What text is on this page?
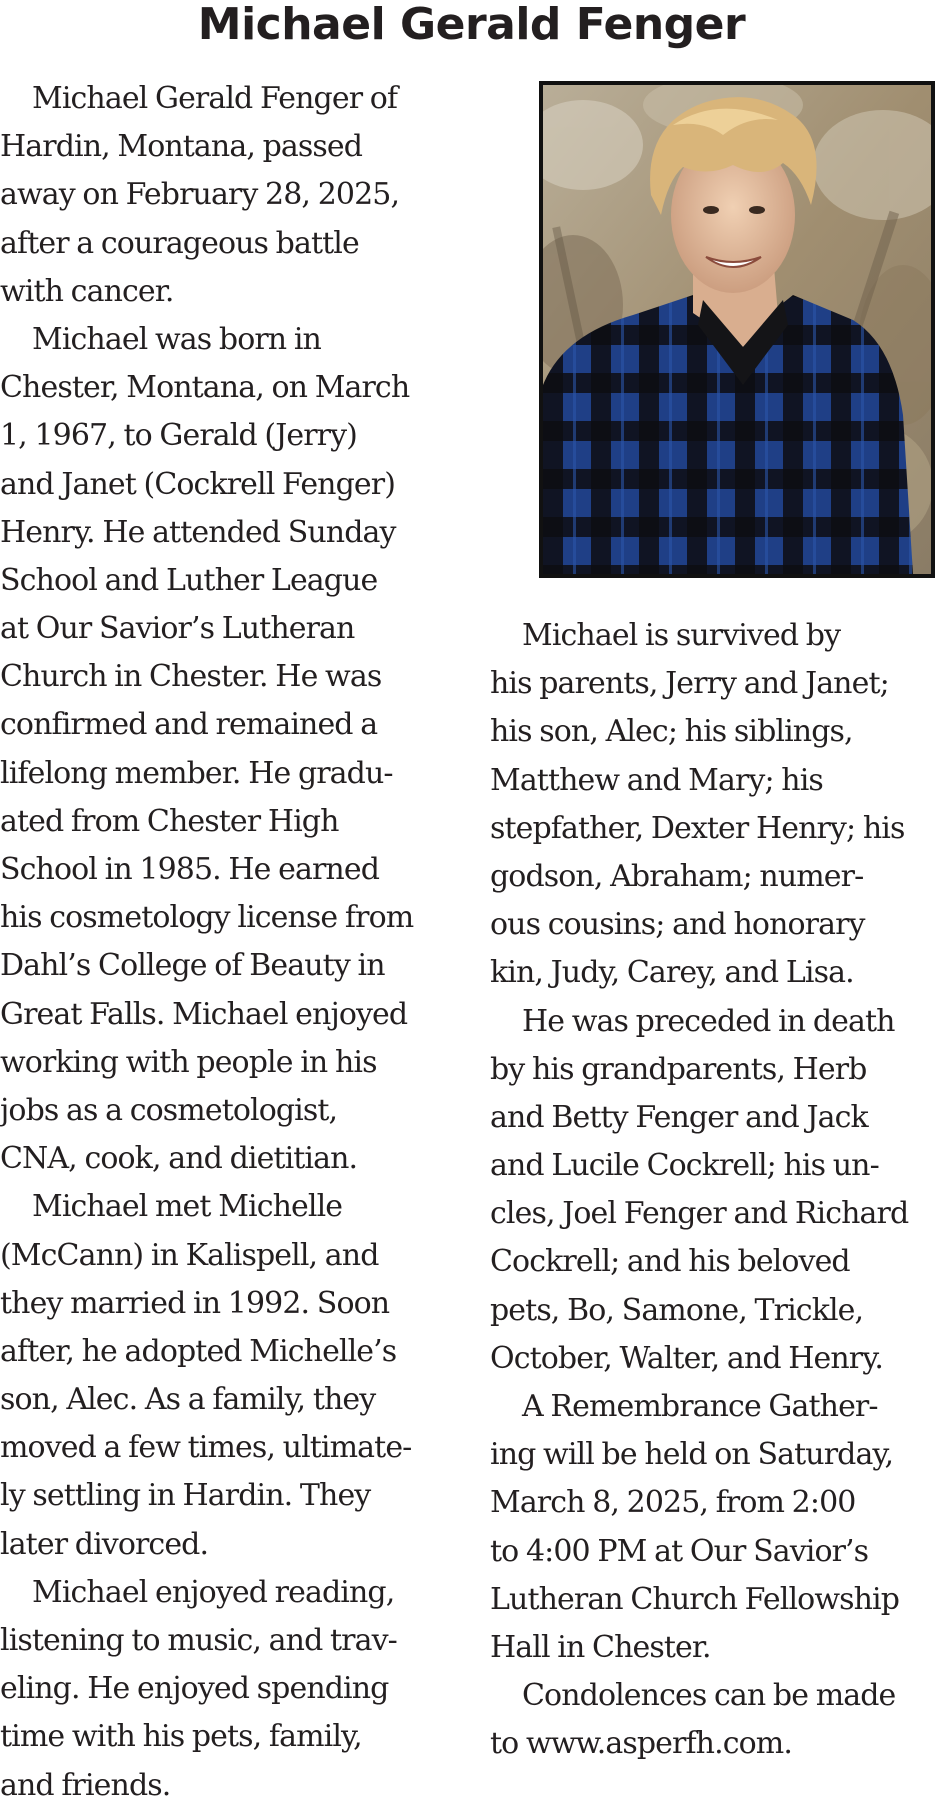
Michael Gerald Fenger
Michael Gerald Fenger of
Hardin, Montana, passed
away on February 28, 2025,
after a courageous battle
with cancer.
Michael was born in
Chester, Montana, on March
1, 1967, to Gerald (Jerry)
and Janet (Cockrell Fenger)
Henry. He attended Sunday
School and Luther League
at Our Savior’s Lutheran
Church in Chester. He was
confirmed and remained a
lifelong member. He gradu-
ated from Chester High
School in 1985. He earned
his cosmetology license from
Dahl’s College of Beauty in
Great Falls. Michael enjoyed
working with people in his
jobs as a cosmetologist,
CNA, cook, and dietitian.
Michael met Michelle
(McCann) in Kalispell, and
they married in 1992. Soon
after, he adopted Michelle’s
son, Alec. As a family, they
moved a few times, ultimate-
ly settling in Hardin. They
later divorced.
Michael enjoyed reading,
listening to music, and trav-
eling. He enjoyed spending
time with his pets, family,
and friends.
Michael is survived by
his parents, Jerry and Janet;
his son, Alec; his siblings,
Matthew and Mary; his
stepfather, Dexter Henry; his
godson, Abraham; numer-
ous cousins; and honorary
kin, Judy, Carey, and Lisa.
He was preceded in death
by his grandparents, Herb
and Betty Fenger and Jack
and Lucile Cockrell; his un-
cles, Joel Fenger and Richard
Cockrell; and his beloved
pets, Bo, Samone, Trickle,
October, Walter, and Henry.
A Remembrance Gather-
ing will be held on Saturday,
March 8, 2025, from 2:00
to 4:00 PM at Our Savior’s
Lutheran Church Fellowship
Hall in Chester.
Condolences can be made
to www.asperfh.com.
